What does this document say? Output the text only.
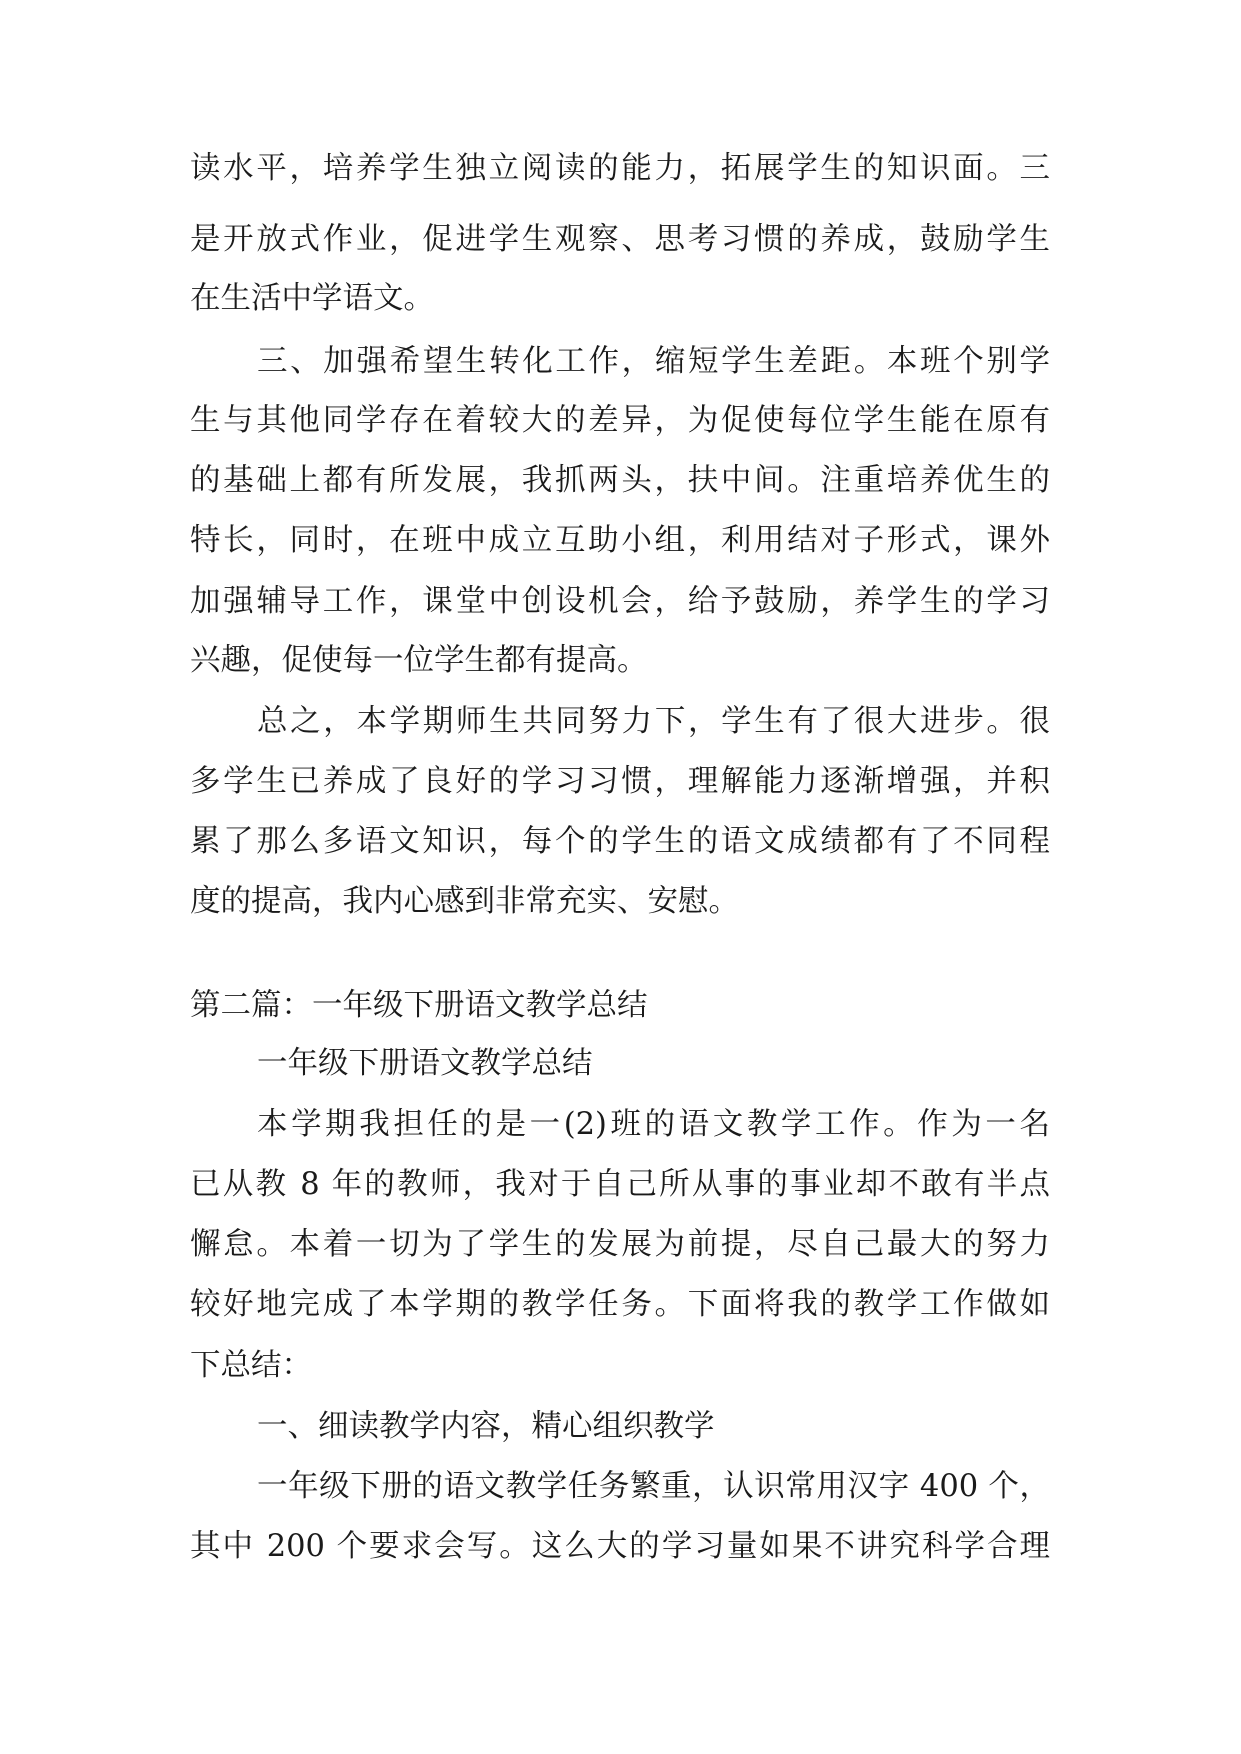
读水平，培养学生独立阅读的能力，拓展学生的知识面。三
是开放式作业，促进学生观察、思考习惯的养成，鼓励学生
在生活中学语文。
三、加强希望生转化工作，缩短学生差距。本班个别学
生与其他同学存在着较大的差异，为促使每位学生能在原有
的基础上都有所发展，我抓两头，扶中间。注重培养优生的
特长，同时，在班中成立互助小组，利用结对子形式，课外
加强辅导工作，课堂中创设机会，给予鼓励，养学生的学习
兴趣，促使每一位学生都有提高。
总之，本学期师生共同努力下，学生有了很大进步。很
多学生已养成了良好的学习习惯，理解能力逐渐增强，并积
累了那么多语文知识，每个的学生的语文成绩都有了不同程
度的提高，我内心感到非常充实、安慰。
第二篇：一年级下册语文教学总结
一年级下册语文教学总结
本学期我担任的是一(2)班的语文教学工作。作为一名
已从教 8 年的教师，我对于自己所从事的事业却不敢有半点
懈怠。本着一切为了学生的发展为前提，尽自己最大的努力
较好地完成了本学期的教学任务。下面将我的教学工作做如
下总结：
一、细读教学内容，精心组织教学
一年级下册的语文教学任务繁重，认识常用汉字 400 个，
其中 200 个要求会写。这么大的学习量如果不讲究科学合理
